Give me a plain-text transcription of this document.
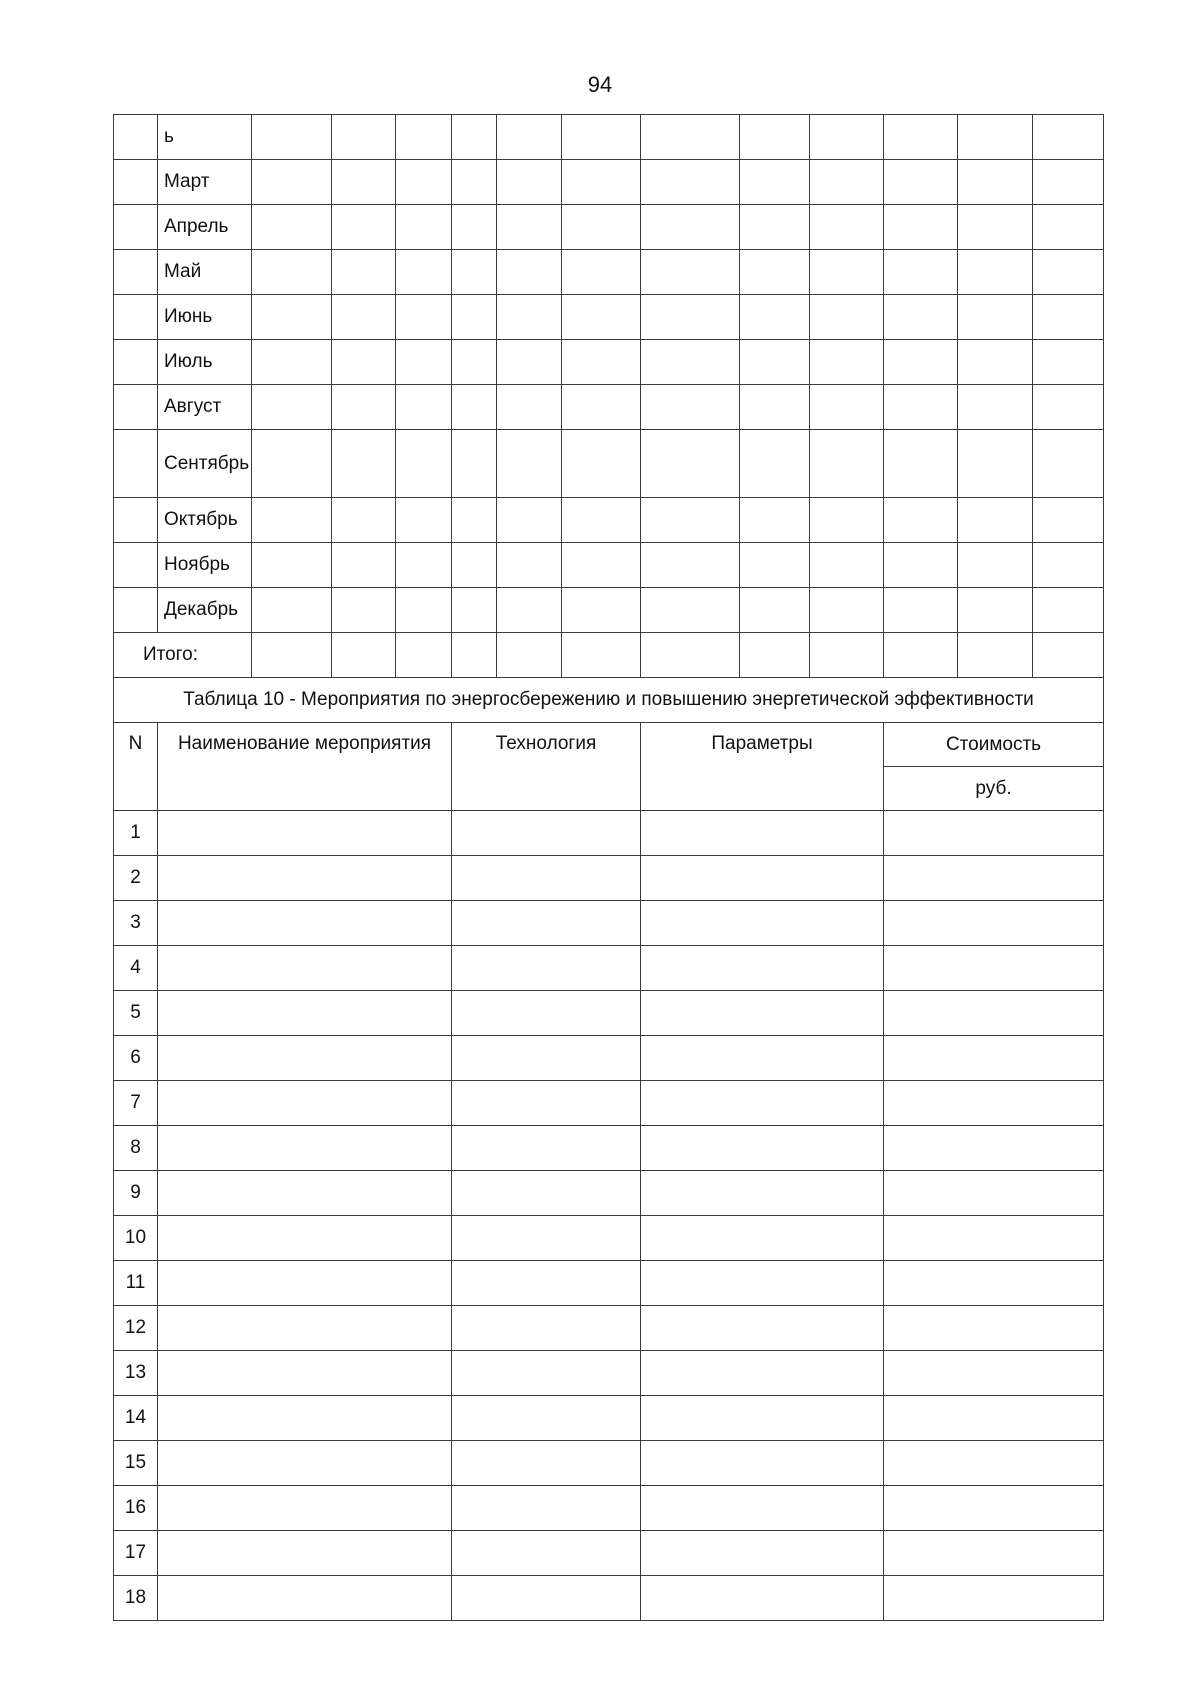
94
	ь												
	Март												
	Апрель												
	Май												
	Июнь												
	Июль												
	Август												
	Сентябрь												
	Октябрь												
	Ноябрь												
	Декабрь												
Итого:													
Таблица 10 - Мероприятия по энергосбережению и повышению энергетической эффективности													
N	Наименование мероприятия				Технология			Параметры			Стоимость		
											руб.		
1													
2													
3													
4													
5													
6													
7													
8													
9													
10													
11													
12													
13													
14													
15													
16													
17													
18													
